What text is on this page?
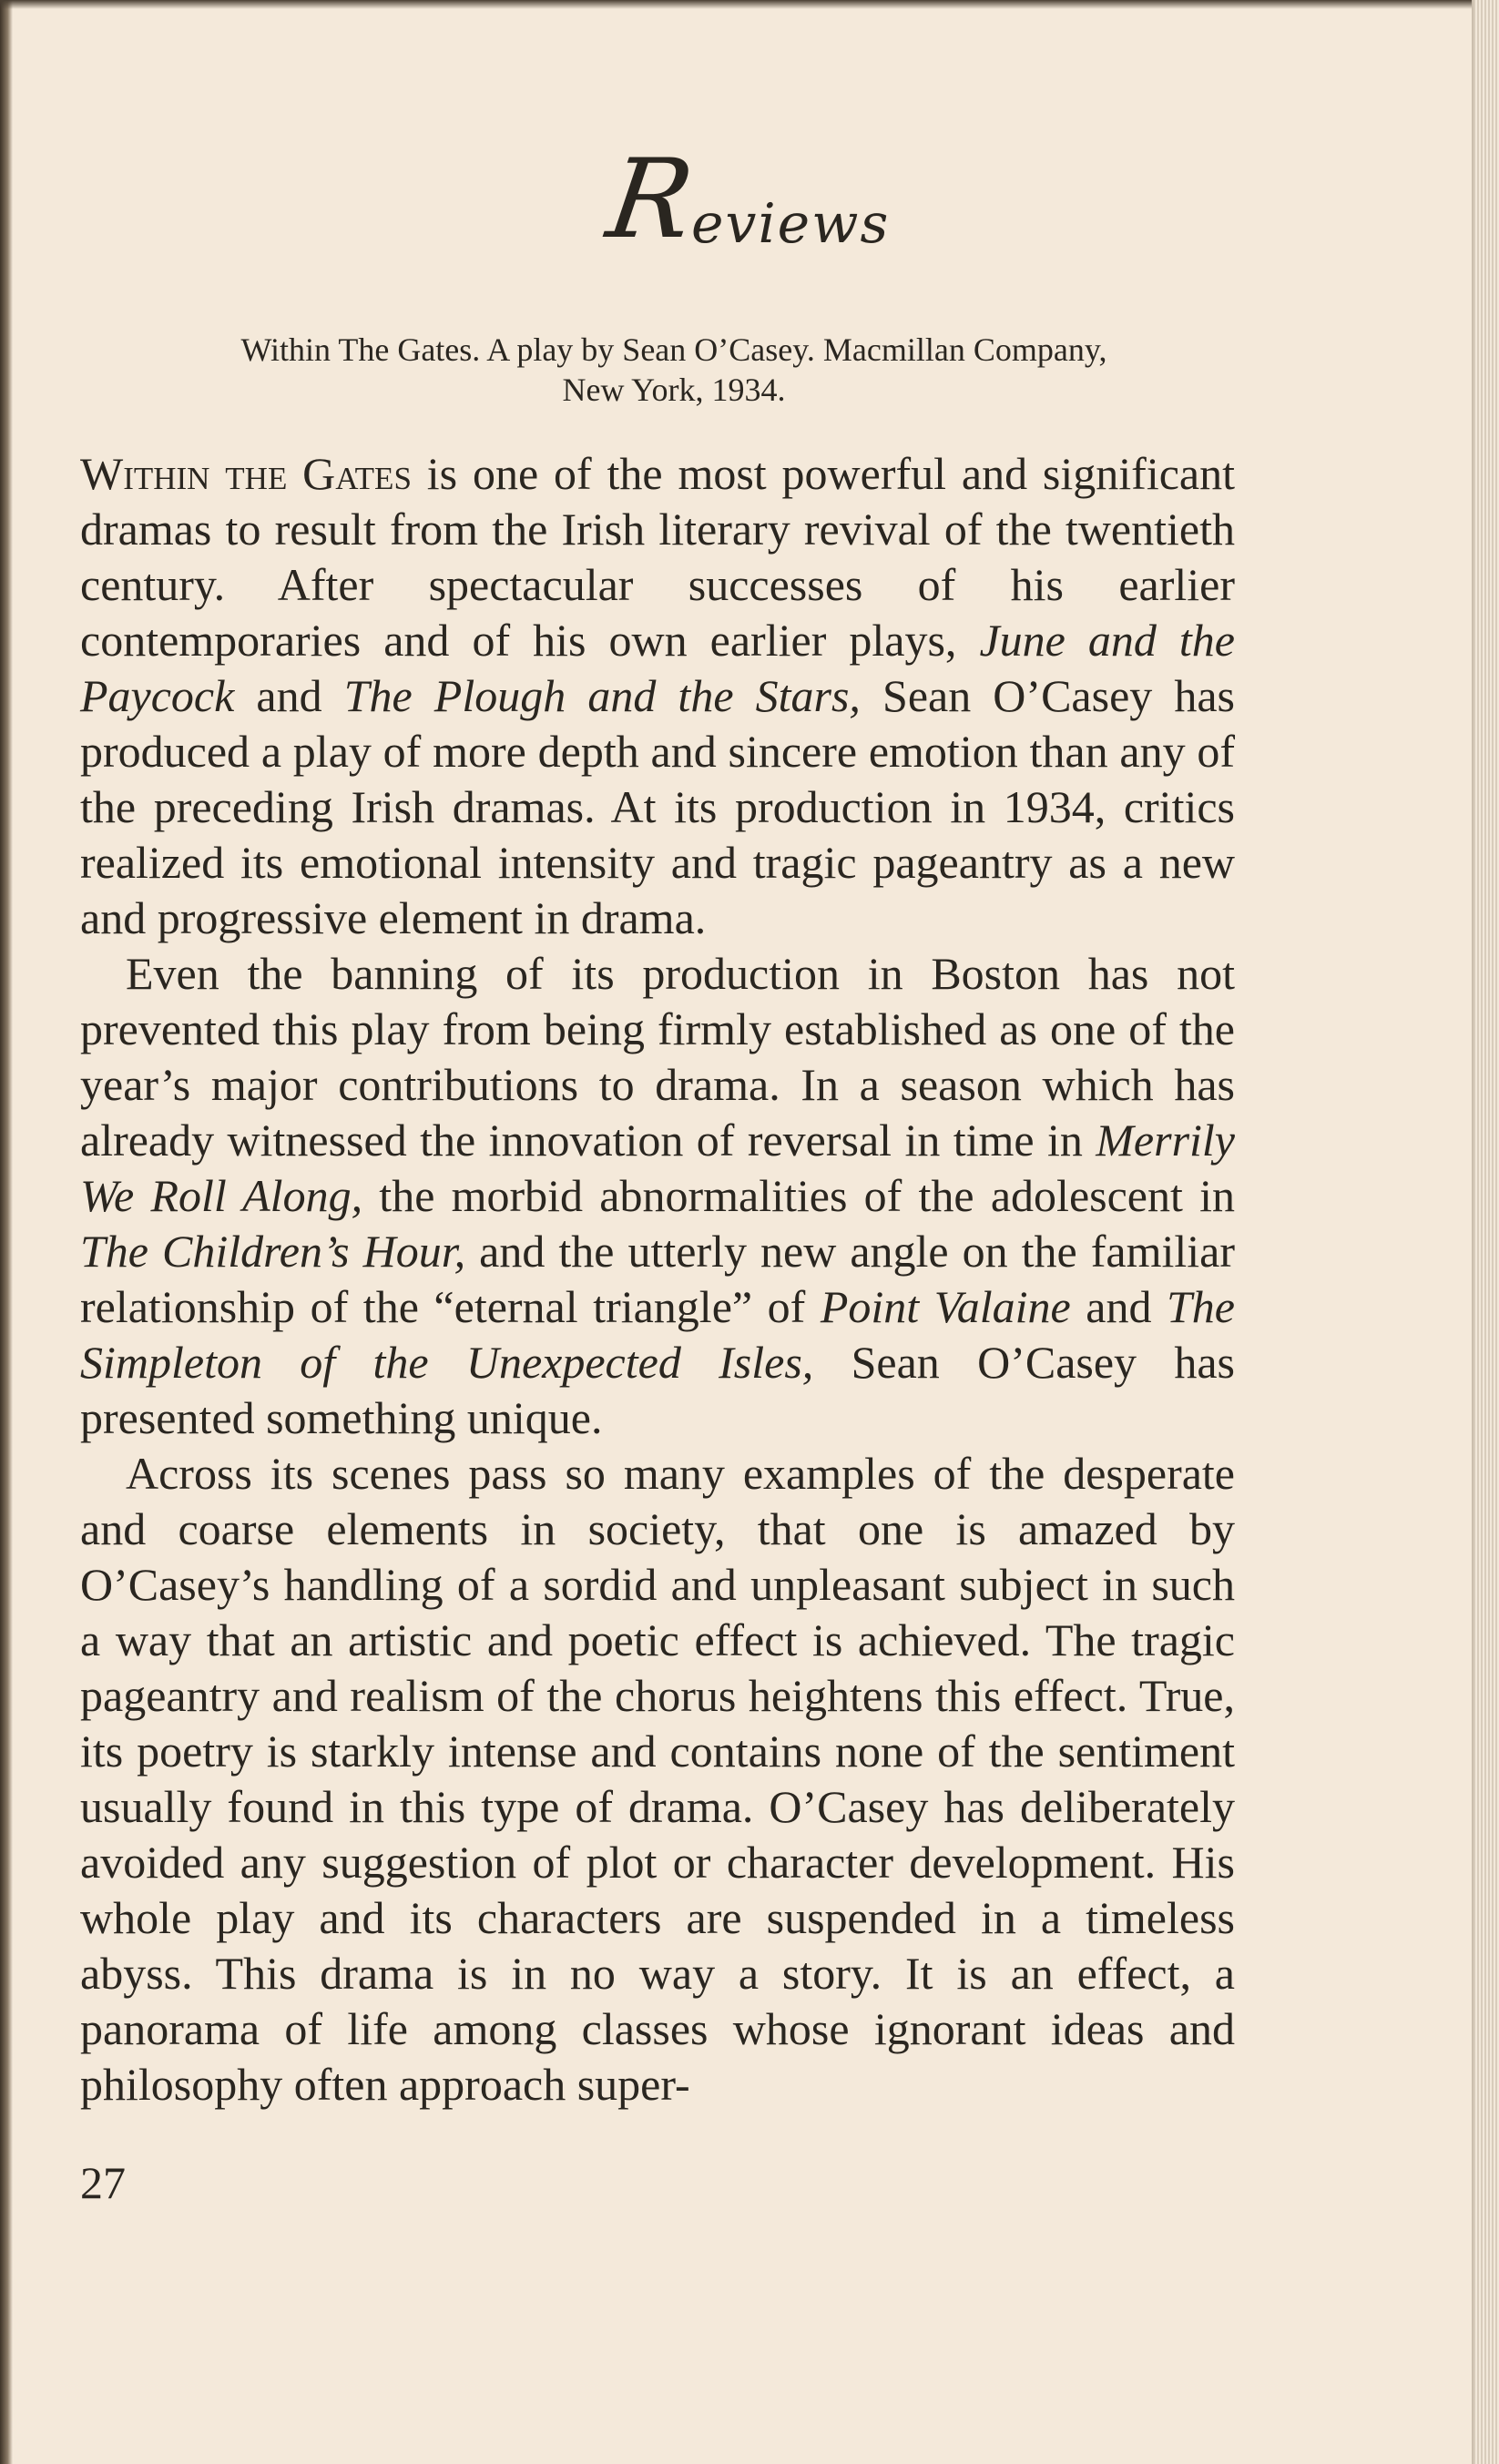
Reviews
Within The Gates. A play by Sean O’Casey. Macmillan Company,
New York, 1934.

Within the Gates is one of the most powerful and significant dramas to result from the Irish literary revival of the twentieth century. After spectacular successes of his earlier contemporaries and of his own earlier plays, June and the Paycock and The Plough and the Stars, Sean O’Casey has produced a play of more depth and sincere emotion than any of the preceding Irish dramas. At its production in 1934, critics realized its emotional intensity and tragic pageantry as a new and progressive element in drama.

Even the banning of its production in Boston has not prevented this play from being firmly established as one of the year’s major contributions to drama. In a season which has already witnessed the innovation of reversal in time in Merrily We Roll Along, the morbid abnormalities of the adolescent in The Children’s Hour, and the utterly new angle on the familiar relationship of the “eternal triangle” of Point Valaine and The Simpleton of the Unexpected Isles, Sean O’Casey has presented something unique.

Across its scenes pass so many examples of the desperate and coarse elements in society, that one is amazed by O’Casey’s handling of a sordid and unpleasant subject in such a way that an artistic and poetic effect is achieved. The tragic pageantry and realism of the chorus heightens this effect. True, its poetry is starkly intense and contains none of the sentiment usually found in this type of drama. O’Casey has deliberately avoided any suggestion of plot or character development. His whole play and its characters are suspended in a timeless abyss. This drama is in no way a story. It is an effect, a panorama of life among classes whose ignorant ideas and philosophy often approach super-

27
